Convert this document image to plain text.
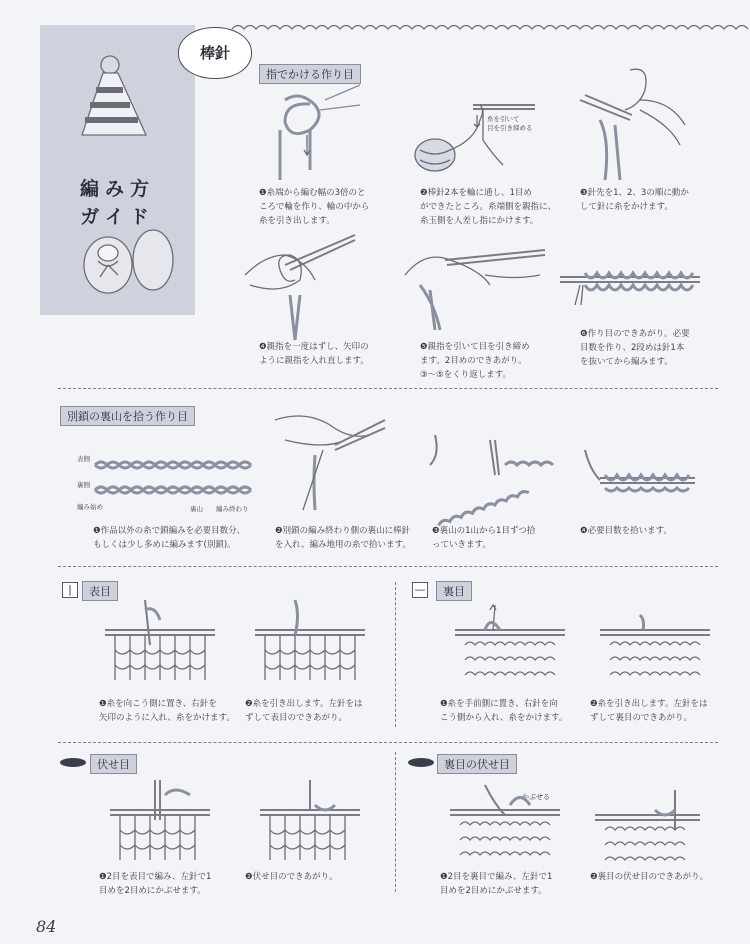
編み方
ガイド
棒針
指でかける作り目
❶糸端から編む幅の3倍のと
ころで輪を作り、輪の中から
糸を引き出します。
糸を引いて
目を引き締める
❷棒針2本を輪に通し、1目め
ができたところ。糸端側を親指に、
糸玉側を人差し指にかけます。
❸針先を1、2、3の順に動か
して針に糸をかけます。
❹親指を一度はずし、矢印の
ように親指を入れ直します。
❺親指を引いて目を引き締め
ます。2目めのできあがり。
③〜⑤をくり返します。
❻作り目のできあがり。必要
目数を作り、2段めは針1本
を抜いてから編みます。
別鎖の裏山を拾う作り目
表側
裏側
編み始め	裏山 編み終わり
❶作品以外の糸で鎖編みを必要目数分、
もしくは少し多めに編みます(別鎖)。
❷別鎖の編み終わり側の裏山に棒針
を入れ、編み地用の糸で拾います。
❸裏山の1山から1目ずつ拾
っていきます。
❹必要目数を拾います。
|	表目
❶糸を向こう側に置き、右針を
矢印のように入れ、糸をかけます。
❷糸を引き出します。左針をは
ずして表目のできあがり。
—	裏目
❶糸を手前側に置き、右針を向
こう側から入れ、糸をかけます。
❷糸を引き出します。左針をは
ずして裏目のできあがり。
伏せ目
❶2目を表目で編み、左針で1
目めを2目めにかぶせます。
❷伏せ目のできあがり。
裏目の伏せ目
かぶせる
❶2目を裏目で編み、左針で1
目めを2目めにかぶせます。
❷裏目の伏せ目のできあがり。
84
